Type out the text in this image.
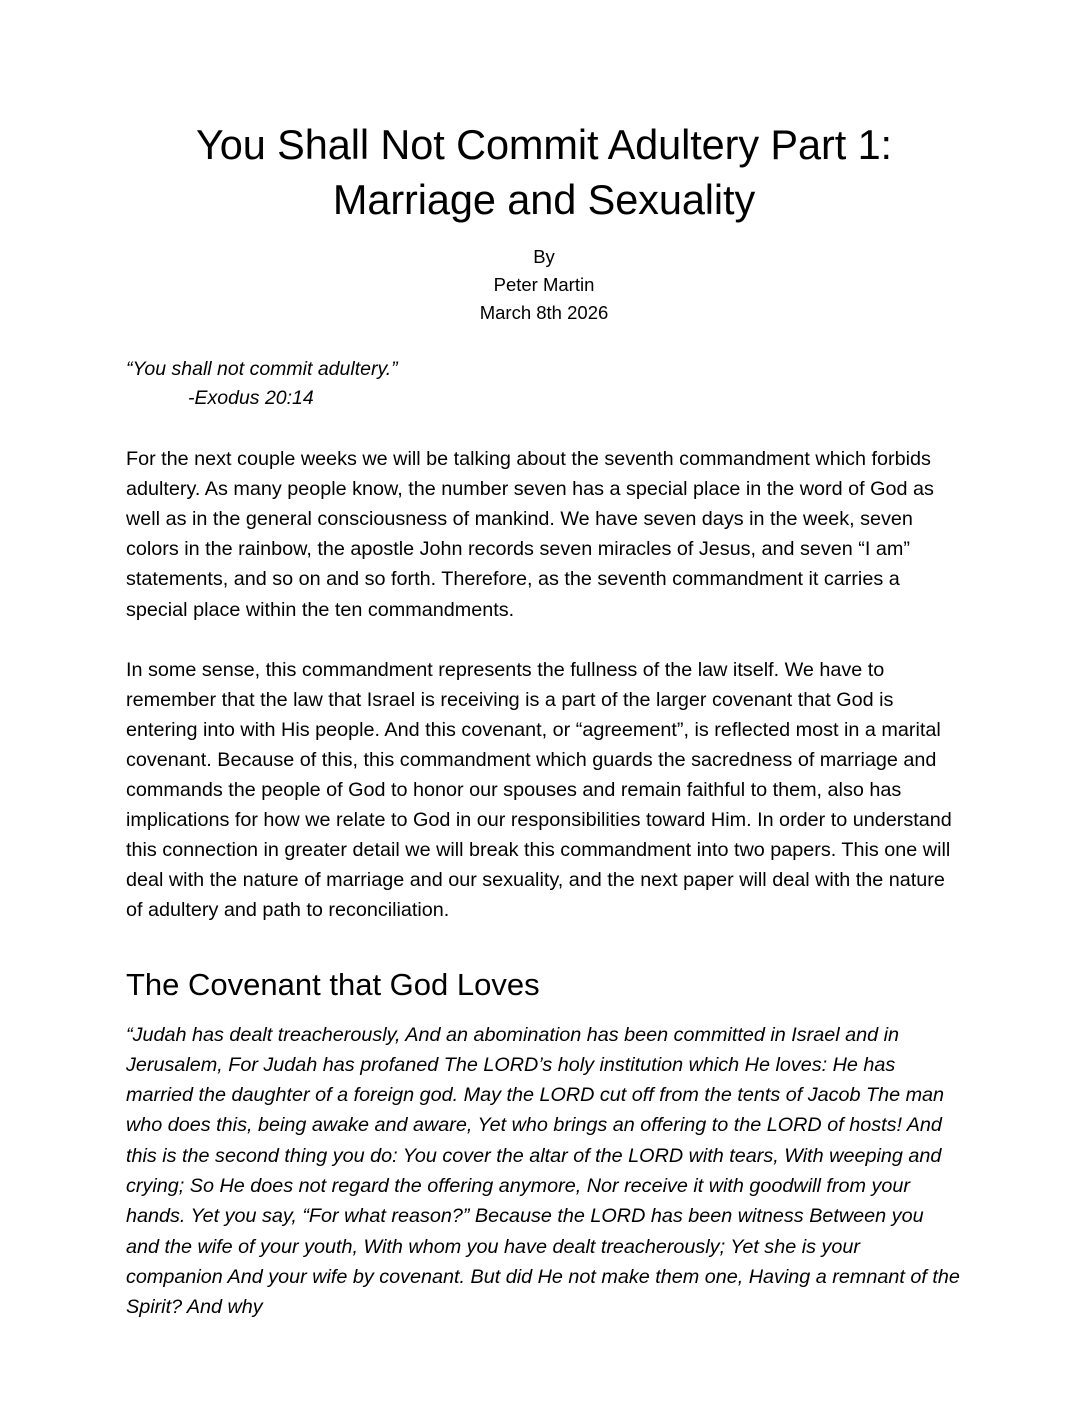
You Shall Not Commit Adultery Part 1:
Marriage and Sexuality
By
Peter Martin
March 8th 2026
“You shall not commit adultery.”
-Exodus 20:14

For the next couple weeks we will be talking about the seventh commandment which forbids adultery. As many people know, the number seven has a special place in the word of God as well as in the general consciousness of mankind. We have seven days in the week, seven colors in the rainbow, the apostle John records seven miracles of Jesus, and seven “I am” statements, and so on and so forth. Therefore, as the seventh commandment it carries a special place within the ten commandments.

In some sense, this commandment represents the fullness of the law itself. We have to remember that the law that Israel is receiving is a part of the larger covenant that God is entering into with His people. And this covenant, or “agreement”, is reflected most in a marital covenant. Because of this, this commandment which guards the sacredness of marriage and commands the people of God to honor our spouses and remain faithful to them, also has implications for how we relate to God in our responsibilities toward Him. In order to understand this connection in greater detail we will break this commandment into two papers. This one will deal with the nature of marriage and our sexuality, and the next paper will deal with the nature of adultery and path to reconciliation.

The Covenant that God Loves

“Judah has dealt treacherously, And an abomination has been committed in Israel and in Jerusalem, For Judah has profaned The LORD’s holy institution which He loves: He has married the daughter of a foreign god. May the LORD cut off from the tents of Jacob The man who does this, being awake and aware, Yet who brings an offering to the LORD of hosts! And this is the second thing you do: You cover the altar of the LORD with tears, With weeping and crying; So He does not regard the offering anymore, Nor receive it with goodwill from your hands. Yet you say, “For what reason?” Because the LORD has been witness Between you and the wife of your youth, With whom you have dealt treacherously; Yet she is your companion And your wife by covenant. But did He not make them one, Having a remnant of the Spirit? And why
